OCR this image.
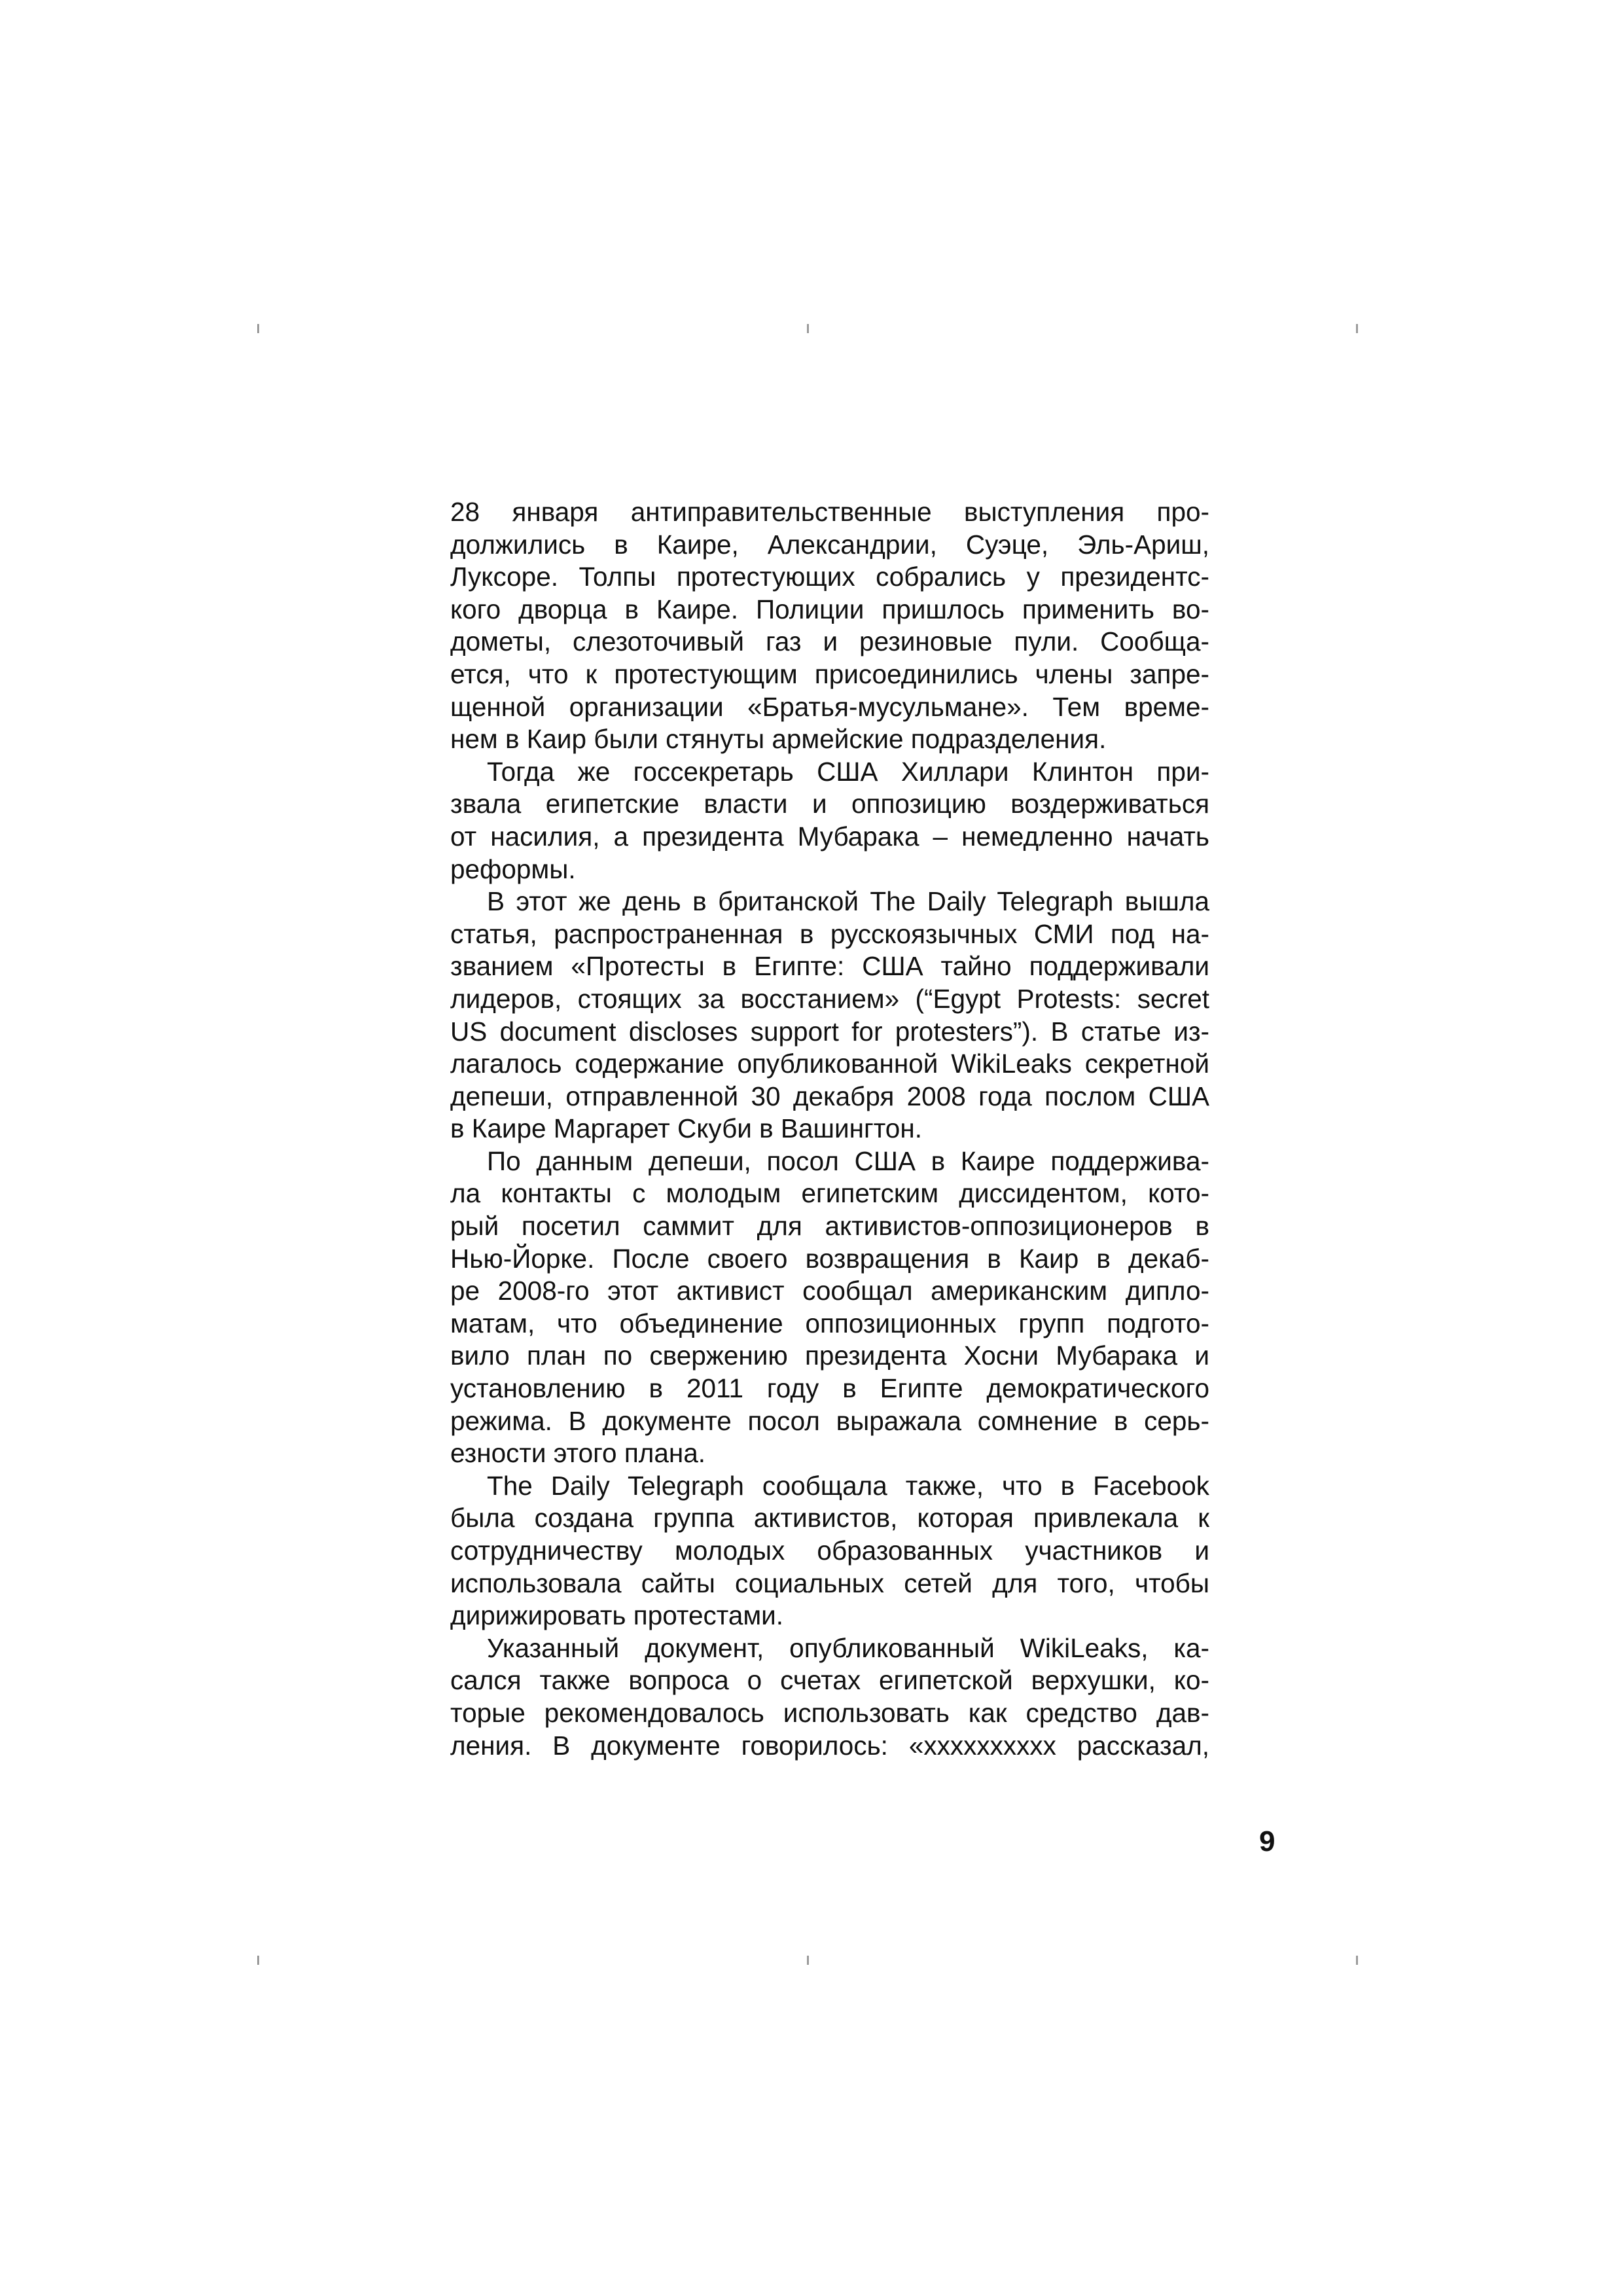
28 января антиправительственные выступления про-
должились в Каире, Александрии, Суэце, Эль-Ариш,
Луксоре. Толпы протестующих собрались у президентс-
кого дворца в Каире. Полиции пришлось применить во-
дометы, слезоточивый газ и резиновые пули. Сообща-
ется, что к протестующим присоединились члены запре-
щенной организации «Братья-мусульмане». Тем време-
нем в Каир были стянуты армейские подразделения.
Тогда же госсекретарь США Хиллари Клинтон при-
звала египетские власти и оппозицию воздерживаться
от насилия, а президента Мубарака – немедленно начать
реформы.
В этот же день в британской The Daily Telegraph вышла
статья, распространенная в русскоязычных СМИ под на-
званием «Протесты в Египте: США тайно поддерживали
лидеров, стоящих за восстанием» (“Egypt Protests: secret
US document discloses support for protesters”). В статье из-
лагалось содержание опубликованной WikiLeaks секретной
депеши, отправленной 30 декабря 2008 года послом США
в Каире Маргарет Скуби в Вашингтон.
По данным депеши, посол США в Каире поддержива-
ла контакты с молодым египетским диссидентом, кото-
рый посетил саммит для активистов-оппозиционеров в
Нью-Йорке. После своего возвращения в Каир в декаб-
ре 2008-го этот активист сообщал американским дипло-
матам, что объединение оппозиционных групп подгото-
вило план по свержению президента Хосни Мубарака и
установлению в 2011 году в Египте демократического
режима. В документе посол выражала сомнение в серь-
езности этого плана.
The Daily Telegraph сообщала также, что в Facebook
была создана группа активистов, которая привлекала к
сотрудничеству молодых образованных участников и
использовала сайты социальных сетей для того, чтобы
дирижировать протестами.
Указанный документ, опубликованный WikiLeaks, ка-
сался также вопроса о счетах египетской верхушки, ко-
торые рекомендовалось использовать как средство дав-
ления. В документе говорилось: «xxxxxxxxxx рассказал,
9
